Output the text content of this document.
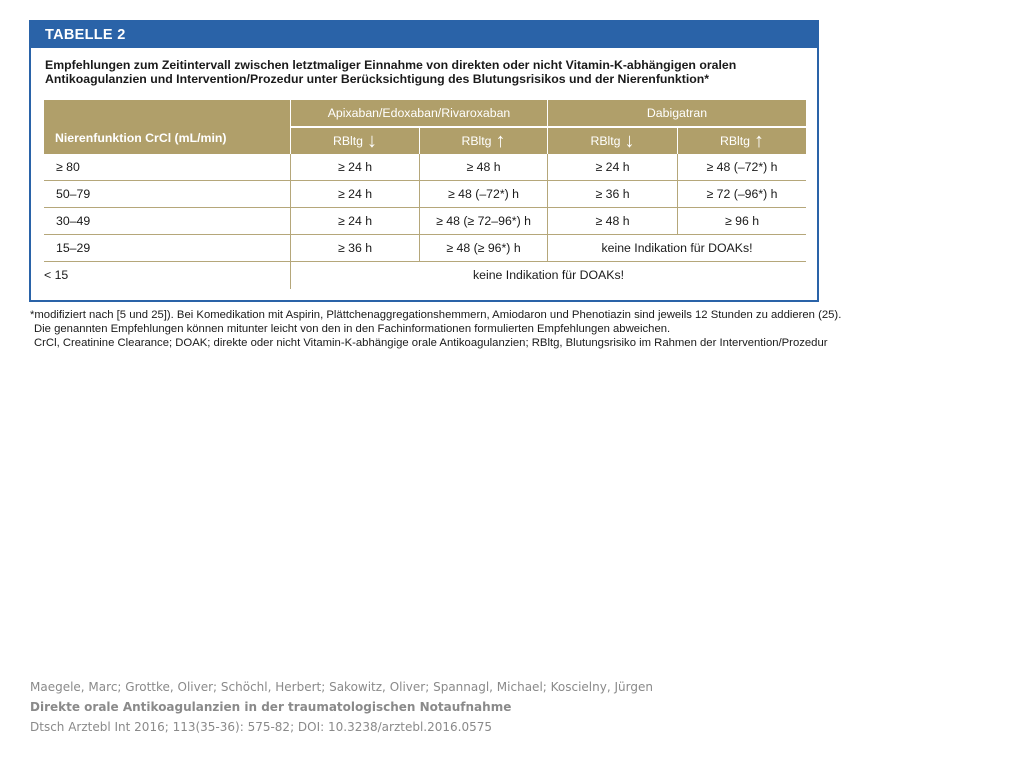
TABELLE 2
Empfehlungen zum Zeitintervall zwischen letztmaliger Einnahme von direkten oder nicht Vitamin-K-abhängigen oralen
Antikoagulanzien und Intervention/Prozedur unter Berücksichtigung des Blutungsrisikos und der Nierenfunktion*
Nierenfunktion CrCl (mL/min)
Apixaban/Edoxaban/Rivaroxaban	Dabigatran
RBltg ↓	RBltg ↑	RBltg ↓	RBltg ↑
≥ 80	≥ 24 h	≥ 48 h	≥ 24 h	≥ 48 (–72*) h
50–79	≥ 24 h	≥ 48 (–72*) h	≥ 36 h	≥ 72 (–96*) h
30–49	≥ 24 h	≥ 48 (≥ 72–96*) h	≥ 48 h	≥ 96 h
15–29	≥ 36 h	≥ 48 (≥ 96*) h	keine Indikation für DOAKs!
< 15	keine Indikation für DOAKs!
*modifiziert nach [5 und 25]). Bei Komedikation mit Aspirin, Plättchenaggregationshemmern, Amiodaron und Phenotiazin sind jeweils 12 Stunden zu addieren (25).
Die genannten Empfehlungen können mitunter leicht von den in den Fachinformationen formulierten Empfehlungen abweichen.
CrCl, Creatinine Clearance; DOAK; direkte oder nicht Vitamin-K-abhängige orale Antikoagulanzien; RBltg, Blutungsrisiko im Rahmen der Intervention/Prozedur
Maegele, Marc; Grottke, Oliver; Schöchl, Herbert; Sakowitz, Oliver; Spannagl, Michael; Koscielny, Jürgen
Direkte orale Antikoagulanzien in der traumatologischen Notaufnahme
Dtsch Arztebl Int 2016; 113(35-36): 575-82; DOI: 10.3238/arztebl.2016.0575
